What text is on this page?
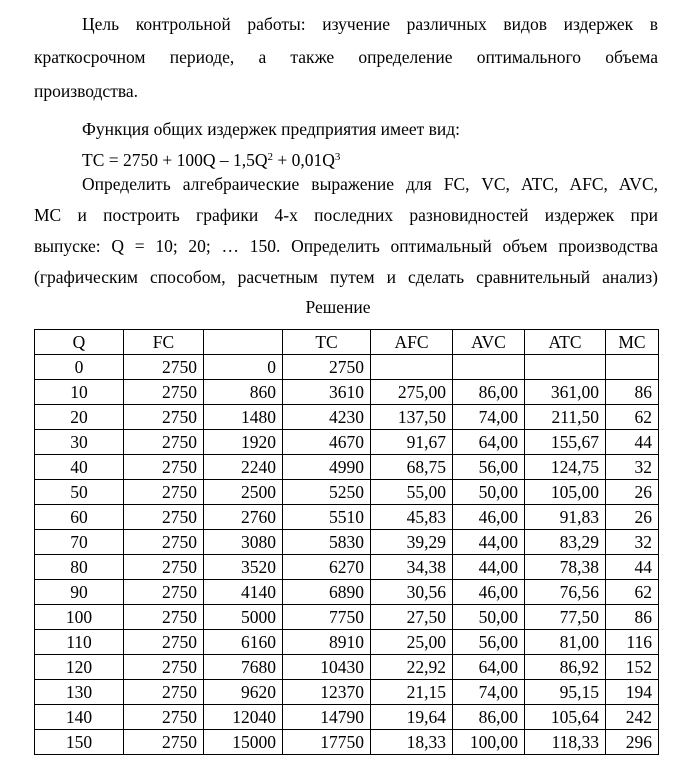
Цель контрольной работы: изучение различных видов издержек в
краткосрочном периоде, а также определение оптимального объема
производства.
Функция общих издержек предприятия имеет вид:
TC = $2750 + 100Q - 1,5Q^2 + 0,01Q^3$
Определить алгебраические выражение для FC, VC, ATC, AFC, AVC,
MC и построить графики 4-х последних разновидностей издержек при
выпуске: Q = 10; 20; … 150. Определить оптимальный объем производства
(графическим способом, расчетным путем и сделать сравнительный анализ)
Решение
Q	FC		TC	AFC	AVC	ATC	MC
0	2750	0	2750				
10	2750	860	3610	275,00	86,00	361,00	86
20	2750	1480	4230	137,50	74,00	211,50	62
30	2750	1920	4670	91,67	64,00	155,67	44
40	2750	2240	4990	68,75	56,00	124,75	32
50	2750	2500	5250	55,00	50,00	105,00	26
60	2750	2760	5510	45,83	46,00	91,83	26
70	2750	3080	5830	39,29	44,00	83,29	32
80	2750	3520	6270	34,38	44,00	78,38	44
90	2750	4140	6890	30,56	46,00	76,56	62
100	2750	5000	7750	27,50	50,00	77,50	86
110	2750	6160	8910	25,00	56,00	81,00	116
120	2750	7680	10430	22,92	64,00	86,92	152
130	2750	9620	12370	21,15	74,00	95,15	194
140	2750	12040	14790	19,64	86,00	105,64	242
150	2750	15000	17750	18,33	100,00	118,33	296
